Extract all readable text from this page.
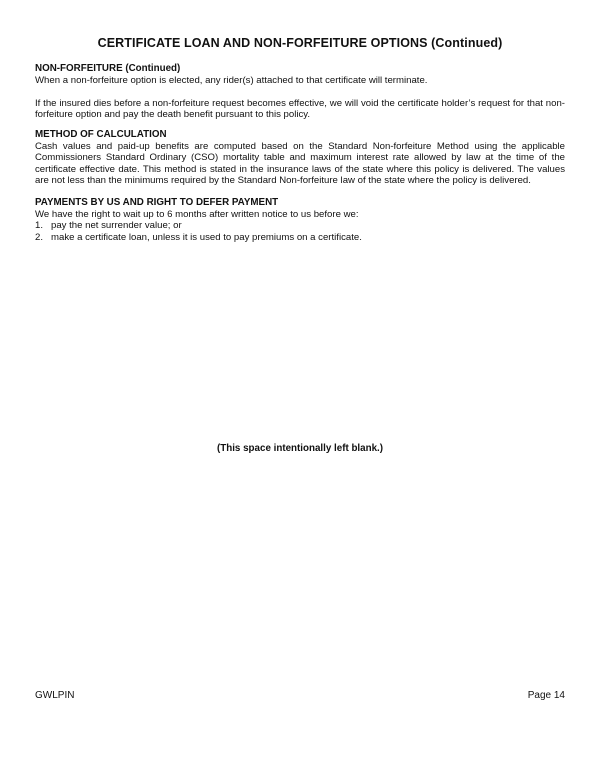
CERTIFICATE LOAN AND NON-FORFEITURE OPTIONS (Continued)

NON-FORFEITURE (Continued)

When a non-forfeiture option is elected, any rider(s) attached to that certificate will terminate.

If the insured dies before a non-forfeiture request becomes effective, we will void the certificate holder’s request for that non-forfeiture option and pay the death benefit pursuant to this policy.

METHOD OF CALCULATION

Cash values and paid-up benefits are computed based on the Standard Non-forfeiture Method using the applicable Commissioners Standard Ordinary (CSO) mortality table and maximum interest rate allowed by law at the time of the certificate effective date. This method is stated in the insurance laws of the state where this policy is delivered. The values are not less than the minimums required by the Standard Non-forfeiture law of the state where the policy is delivered.

PAYMENTS BY US AND RIGHT TO DEFER PAYMENT

We have the right to wait up to 6 months after written notice to us before we:

1. pay the net surrender value; or
2. make a certificate loan, unless it is used to pay premiums on a certificate.
(This space intentionally left blank.)
GWLPIN	Page 14
